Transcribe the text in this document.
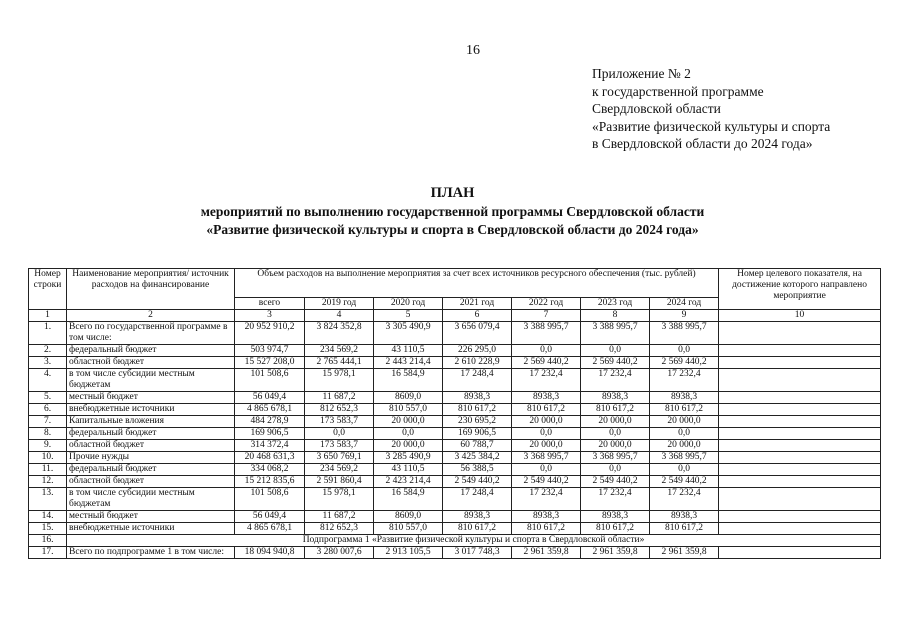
16
Приложение № 2
к государственной программе
Свердловской области
«Развитие физической культуры и спорта
в Свердловской области до 2024 года»
ПЛАН
мероприятий по выполнению государственной программы Свердловской области
«Развитие физической культуры и спорта в Свердловской области до 2024 года»
Номер строки	Наименование мероприятия/ источник расходов на финансирование	Объем расходов на выполнение мероприятия за счет всех источников ресурсного обеспечения (тыс. рублей)							Номер целевого показателя, на достижение которого направлено мероприятие
		всего	2019 год	2020 год	2021 год	2022 год	2023 год	2024 год	
1	2	3	4	5	6	7	8	9	10
1.	Всего по государственной программе в том числе:	20 952 910,2	3 824 352,8	3 305 490,9	3 656 079,4	3 388 995,7	3 388 995,7	3 388 995,7	
2.	федеральный бюджет	503 974,7	234 569,2	43 110,5	226 295,0	0,0	0,0	0,0	
3.	областной бюджет	15 527 208,0	2 765 444,1	2 443 214,4	2 610 228,9	2 569 440,2	2 569 440,2	2 569 440,2	
4.	в том числе субсидии местным бюджетам	101 508,6	15 978,1	16 584,9	17 248,4	17 232,4	17 232,4	17 232,4	
5.	местный бюджет	56 049,4	11 687,2	8609,0	8938,3	8938,3	8938,3	8938,3	
6.	внебюджетные источники	4 865 678,1	812 652,3	810 557,0	810 617,2	810 617,2	810 617,2	810 617,2	
7.	Капитальные вложения	484 278,9	173 583,7	20 000,0	230 695,2	20 000,0	20 000,0	20 000,0	
8.	федеральный бюджет	169 906,5	0,0	0,0	169 906,5	0,0	0,0	0,0	
9.	областной бюджет	314 372,4	173 583,7	20 000,0	60 788,7	20 000,0	20 000,0	20 000,0	
10.	Прочие нужды	20 468 631,3	3 650 769,1	3 285 490,9	3 425 384,2	3 368 995,7	3 368 995,7	3 368 995,7	
11.	федеральный бюджет	334 068,2	234 569,2	43 110,5	56 388,5	0,0	0,0	0,0	
12.	областной бюджет	15 212 835,6	2 591 860,4	2 423 214,4	2 549 440,2	2 549 440,2	2 549 440,2	2 549 440,2	
13.	в том числе субсидии местным бюджетам	101 508,6	15 978,1	16 584,9	17 248,4	17 232,4	17 232,4	17 232,4	
14.	местный бюджет	56 049,4	11 687,2	8609,0	8938,3	8938,3	8938,3	8938,3	
15.	внебюджетные источники	4 865 678,1	812 652,3	810 557,0	810 617,2	810 617,2	810 617,2	810 617,2	
16.	Подпрограмма 1 «Развитие физической культуры и спорта в Свердловской области»								
17.	Всего по подпрограмме 1 в том числе:	18 094 940,8	3 280 007,6	2 913 105,5	3 017 748,3	2 961 359,8	2 961 359,8	2 961 359,8	
